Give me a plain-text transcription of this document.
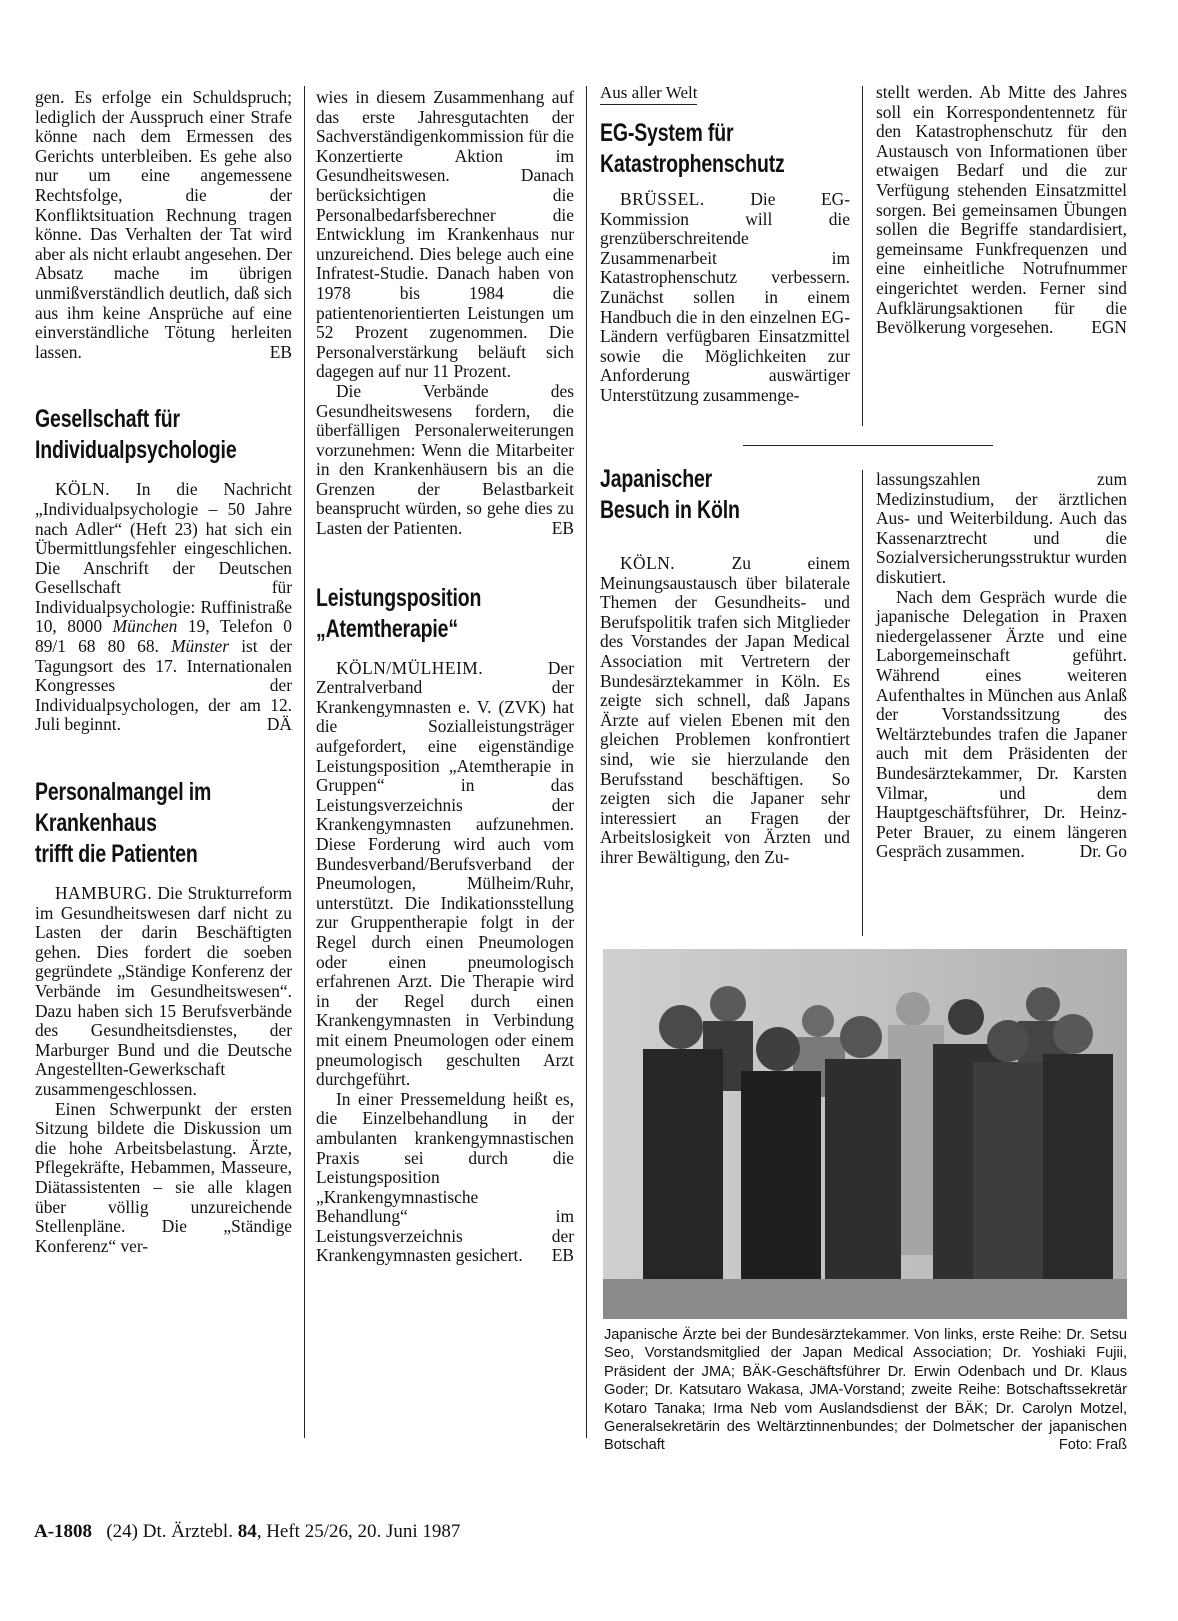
gen. Es erfolge ein Schuldspruch; lediglich der Ausspruch einer Strafe könne nach dem Ermessen des Gerichts unterbleiben. Es gehe also nur um eine angemessene Rechtsfolge, die der Konfliktsituation Rechnung tragen könne. Das Verhalten der Tat wird aber als nicht erlaubt angesehen. Der Absatz mache im übrigen unmißverständlich deutlich, daß sich aus ihm keine Ansprüche auf eine einverständliche Tötung herleiten lassen.	EB

Gesellschaft für
Individualpsychologie

KÖLN. In die Nachricht „Individualpsychologie – 50 Jahre nach Adler“ (Heft 23) hat sich ein Übermittlungsfehler eingeschlichen. Die Anschrift der Deutschen Gesellschaft für Individualpsychologie: Ruffinistraße 10, 8000 München 19, Telefon 0 89/1 68 80 68. Münster ist der Tagungsort des 17. Internationalen Kongresses der Individualpsychologen, der am 12. Juli beginnt.	DÄ

Personalmangel im
Krankenhaus
trifft die Patienten

HAMBURG. Die Strukturreform im Gesundheitswesen darf nicht zu Lasten der darin Beschäftigten gehen. Dies fordert die soeben gegründete „Ständige Konferenz der Verbände im Gesundheitswesen“. Dazu haben sich 15 Berufsverbände des Gesundheitsdienstes, der Marburger Bund und die Deutsche Angestellten-Gewerkschaft zusammengeschlossen.

Einen Schwerpunkt der ersten Sitzung bildete die Diskussion um die hohe Arbeitsbelastung. Ärzte, Pflegekräfte, Hebammen, Masseure, Diätassistenten – sie alle klagen über völlig unzureichende Stellenpläne. Die „Ständige Konferenz“ ver-

wies in diesem Zusammenhang auf das erste Jahresgutachten der Sachverständigenkommission für die Konzertierte Aktion im Gesundheitswesen. Danach berücksichtigen die Personalbedarfsberechner die Entwicklung im Krankenhaus nur unzureichend. Dies belege auch eine Infratest-Studie. Danach haben von 1978 bis 1984 die patientenorientierten Leistungen um 52 Prozent zugenommen. Die Personalverstärkung beläuft sich dagegen auf nur 11 Prozent.

Die Verbände des Gesundheitswesens fordern, die überfälligen Personalerweiterungen vorzunehmen: Wenn die Mitarbeiter in den Krankenhäusern bis an die Grenzen der Belastbarkeit beansprucht würden, so gehe dies zu Lasten der Patienten.	EB

Leistungsposition
„Atemtherapie“

KÖLN/MÜLHEIM.	Der Zentralverband der Krankengymnasten e. V. (ZVK) hat die Sozialleistungsträger aufgefordert, eine eigenständige Leistungsposition „Atemtherapie in Gruppen“ in das Leistungsverzeichnis der Krankengymnasten aufzunehmen. Diese Forderung wird auch vom Bundesverband/Berufsverband der Pneumologen, Mülheim/Ruhr, unterstützt. Die Indikationsstellung zur Gruppentherapie folgt in der Regel durch einen Pneumologen oder einen pneumologisch erfahrenen Arzt. Die Therapie wird in der Regel durch einen Krankengymnasten in Verbindung mit einem Pneumologen oder einem pneumologisch geschulten Arzt durchgeführt.

In einer Pressemeldung heißt es, die Einzelbehandlung in der ambulanten krankengymnastischen Praxis sei durch die Leistungsposition „Krankengymnastische Behandlung“ im Leistungsverzeichnis der Krankengymnasten gesichert.	EB

Aus aller Welt
EG-System für
Katastrophenschutz

BRÜSSEL.	Die EG-Kommission will die grenzüberschreitende Zusammenarbeit im Katastrophenschutz verbessern. Zunächst sollen in einem Handbuch die in den einzelnen EG-Ländern verfügbaren Einsatzmittel sowie die Möglichkeiten zur Anforderung auswärtiger Unterstützung zusammenge-

Japanischer
Besuch in Köln

KÖLN.	Zu einem Meinungsaustausch über bilaterale Themen der Gesundheits- und Berufspolitik trafen sich Mitglieder des Vorstandes der Japan Medical Association mit Vertretern der Bundesärztekammer in Köln. Es zeigte sich schnell, daß Japans Ärzte auf vielen Ebenen mit den gleichen Problemen konfrontiert sind, wie sie hierzulande den Berufsstand beschäftigen. So zeigten sich die Japaner sehr interessiert an Fragen der Arbeitslosigkeit von Ärzten und ihrer Bewältigung, den Zu-

stellt werden. Ab Mitte des Jahres soll ein Korrespondentennetz für den Katastrophenschutz für den Austausch von Informationen über etwaigen Bedarf und die zur Verfügung stehenden Einsatzmittel sorgen. Bei gemeinsamen Übungen sollen die Begriffe standardisiert, gemeinsame Funkfrequenzen und eine einheitliche Notrufnummer eingerichtet werden. Ferner sind Aufklärungsaktionen für die Bevölkerung vorgesehen. EGN

lassungszahlen zum Medizinstudium, der ärztlichen Aus- und Weiterbildung. Auch das Kassenarztrecht und die Sozialversicherungsstruktur wurden diskutiert.

Nach dem Gespräch wurde die japanische Delegation in Praxen niedergelassener Ärzte und eine Laborgemeinschaft geführt. Während eines weiteren Aufenthaltes in München aus Anlaß der Vorstandssitzung des Weltärztebundes trafen die Japaner auch mit dem Präsidenten der Bundesärztekammer, Dr. Karsten Vilmar, und dem Hauptgeschäftsführer, Dr. Heinz-Peter Brauer, zu einem längeren Gespräch zusammen.	Dr. Go

Japanische Ärzte bei der Bundesärztekammer. Von links, erste Reihe: Dr. Setsu Seo, Vorstandsmitglied der Japan Medical Association; Dr. Yoshiaki Fujii, Präsident der JMA; BÄK-Geschäftsführer Dr. Erwin Odenbach und Dr. Klaus Goder; Dr. Katsutaro Wakasa, JMA-Vorstand; zweite Reihe: Botschaftssekretär Kotaro Tanaka; Irma Neb vom Auslandsdienst der BÄK; Dr. Carolyn Motzel, Generalsekretärin des Weltärztinnenbundes; der Dolmetscher der japanischen Botschaft	Foto: Fraß
A-1808 (24) Dt. Ärztebl. 84, Heft 25/26, 20. Juni 1987
